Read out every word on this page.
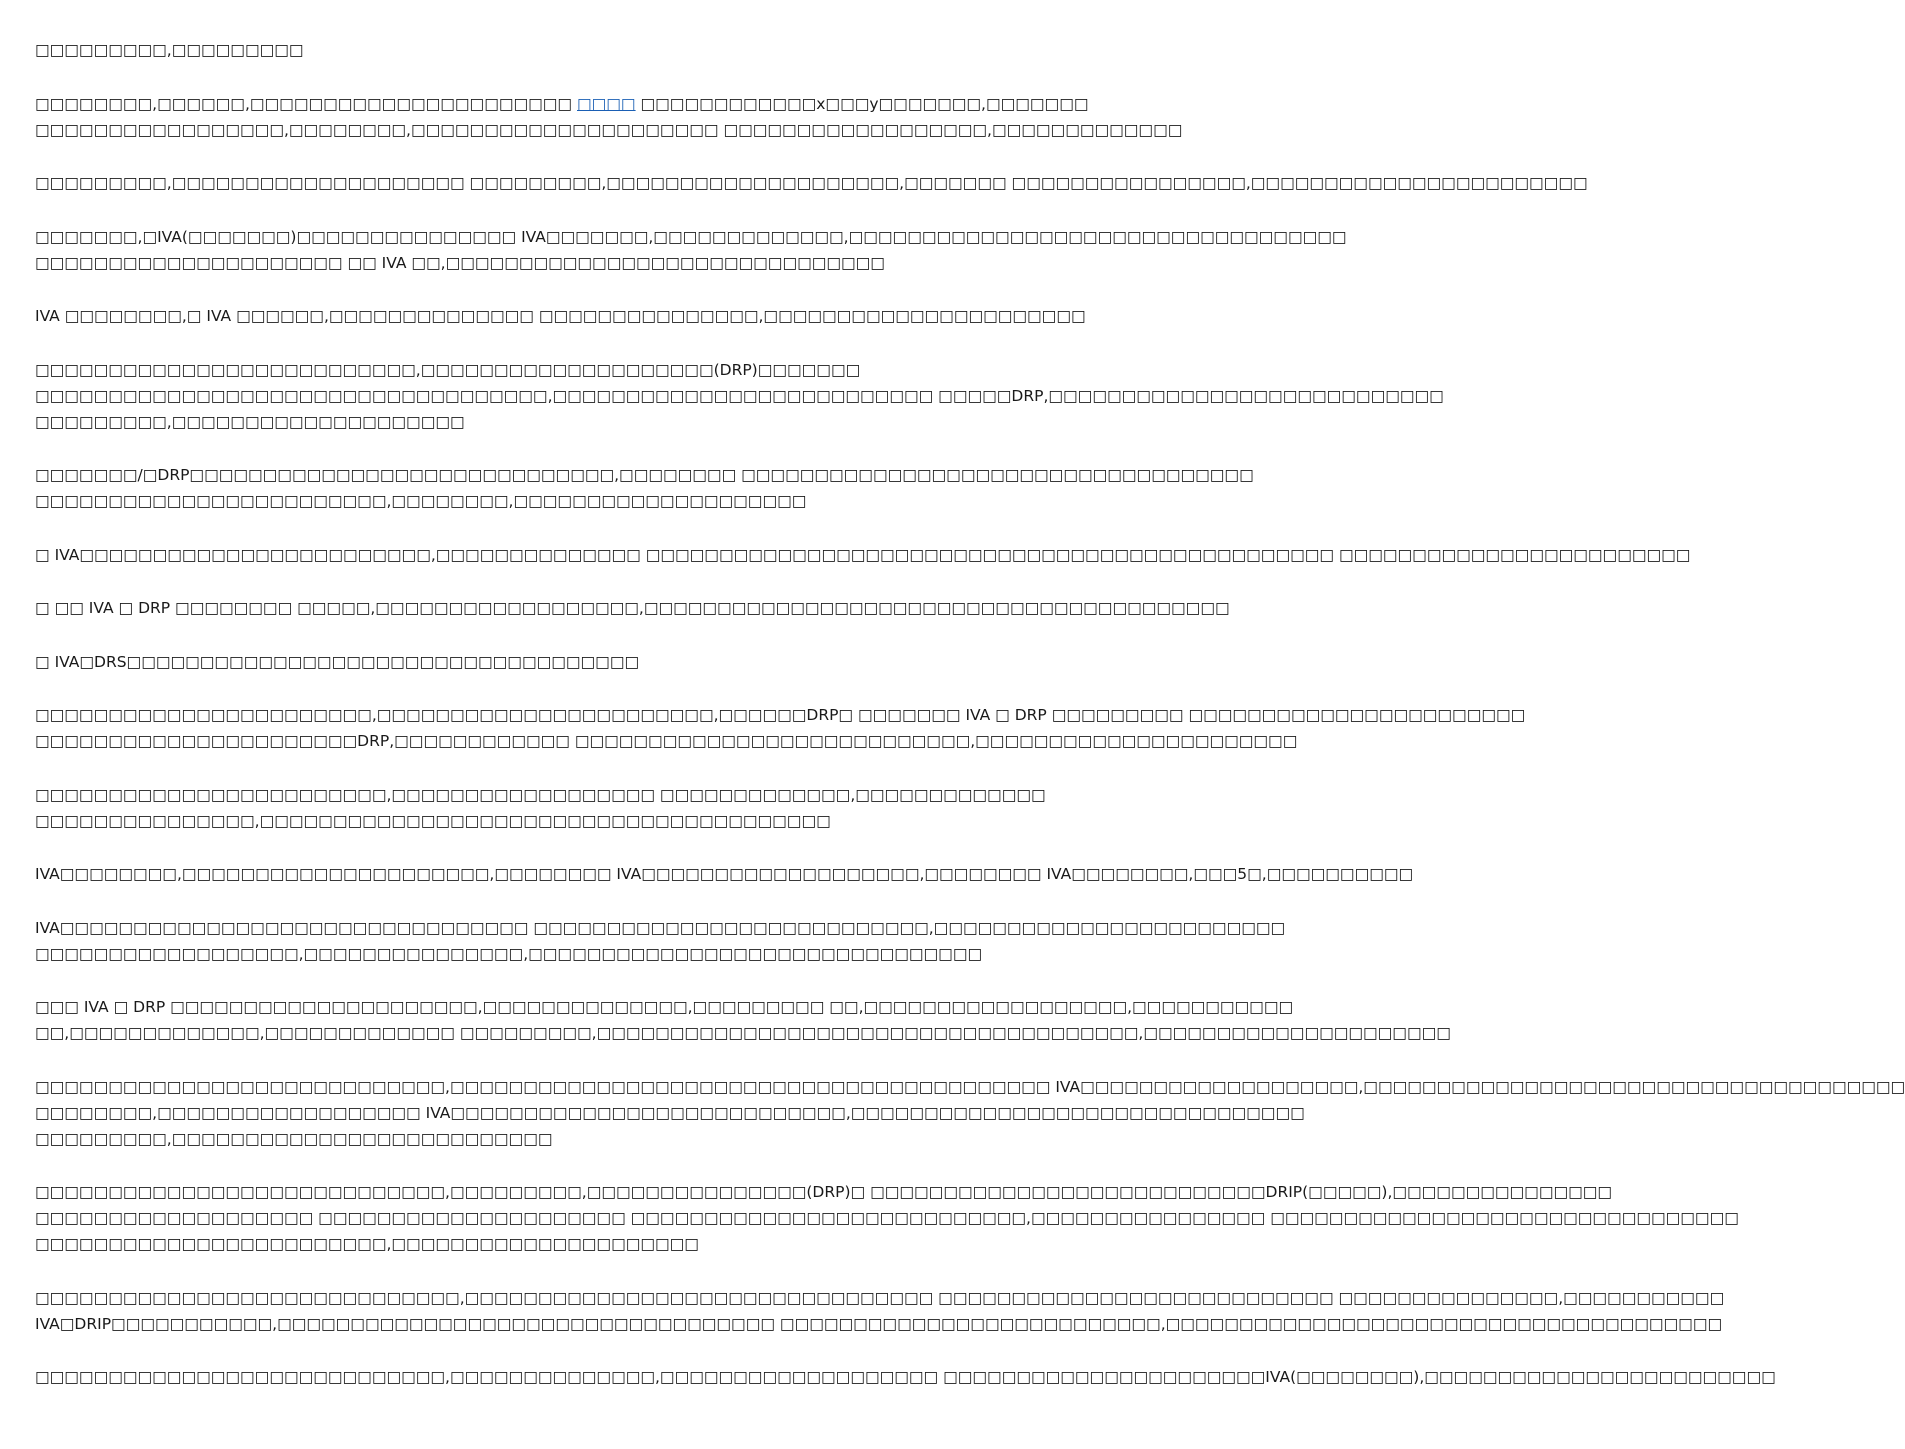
□□□□□□□□□,□□□□□□□□□

□□□□□□□□,□□□□□□,□□□□□□□□□□□□□□□□□□□□□□ □□□□ □□□□□□□□□□□□x□□□y□□□□□□□,□□□□□□□
□□□□□□□□□□□□□□□□□,□□□□□□□□,□□□□□□□□□□□□□□□□□□□□□ □□□□□□□□□□□□□□□□□□,□□□□□□□□□□□□□

□□□□□□□□□,□□□□□□□□□□□□□□□□□□□□ □□□□□□□□□,□□□□□□□□□□□□□□□□□□□□,□□□□□□□ □□□□□□□□□□□□□□□□,□□□□□□□□□□□□□□□□□□□□□□□

□□□□□□□,□IVA(□□□□□□□)□□□□□□□□□□□□□□□ IVA□□□□□□□,□□□□□□□□□□□□□,□□□□□□□□□□□□□□□□□□□□□□□□□□□□□□□□□□
□□□□□□□□□□□□□□□□□□□□□ □□ IVA □□,□□□□□□□□□□□□□□□□□□□□□□□□□□□□□□

IVA □□□□□□□□,□ IVA □□□□□□,□□□□□□□□□□□□□□ □□□□□□□□□□□□□□□,□□□□□□□□□□□□□□□□□□□□□□

□□□□□□□□□□□□□□□□□□□□□□□□□□,□□□□□□□□□□□□□□□□□□□□(DRP)□□□□□□□
□□□□□□□□□□□□□□□□□□□□□□□□□□□□□□□□□□□,□□□□□□□□□□□□□□□□□□□□□□□□□□ □□□□□DRP,□□□□□□□□□□□□□□□□□□□□□□□□□□□
□□□□□□□□□,□□□□□□□□□□□□□□□□□□□□

□□□□□□□/□DRP□□□□□□□□□□□□□□□□□□□□□□□□□□□□□,□□□□□□□□ □□□□□□□□□□□□□□□□□□□□□□□□□□□□□□□□□□□
□□□□□□□□□□□□□□□□□□□□□□□□,□□□□□□□□,□□□□□□□□□□□□□□□□□□□□

□ IVA□□□□□□□□□□□□□□□□□□□□□□□□,□□□□□□□□□□□□□□ □□□□□□□□□□□□□□□□□□□□□□□□□□□□□□□□□□□□□□□□□□□□□□□ □□□□□□□□□□□□□□□□□□□□□□□□

□ □□ IVA □ DRP □□□□□□□□ □□□□□,□□□□□□□□□□□□□□□□□□,□□□□□□□□□□□□□□□□□□□□□□□□□□□□□□□□□□□□□□□□

□ IVA□DRS□□□□□□□□□□□□□□□□□□□□□□□□□□□□□□□□□□□

□□□□□□□□□□□□□□□□□□□□□□□,□□□□□□□□□□□□□□□□□□□□□□□,□□□□□□DRP□ □□□□□□□ IVA □ DRP □□□□□□□□□ □□□□□□□□□□□□□□□□□□□□□□□
□□□□□□□□□□□□□□□□□□□□□□DRP,□□□□□□□□□□□□ □□□□□□□□□□□□□□□□□□□□□□□□□□□,□□□□□□□□□□□□□□□□□□□□□□

□□□□□□□□□□□□□□□□□□□□□□□□,□□□□□□□□□□□□□□□□□□ □□□□□□□□□□□□□,□□□□□□□□□□□□□
□□□□□□□□□□□□□□□,□□□□□□□□□□□□□□□□□□□□□□□□□□□□□□□□□□□□□□□

IVA□□□□□□□□,□□□□□□□□□□□□□□□□□□□□□,□□□□□□□□ IVA□□□□□□□□□□□□□□□□□□□,□□□□□□□□ IVA□□□□□□□□,□□□5□,□□□□□□□□□□

IVA□□□□□□□□□□□□□□□□□□□□□□□□□□□□□□□□ □□□□□□□□□□□□□□□□□□□□□□□□□□□,□□□□□□□□□□□□□□□□□□□□□□□□
□□□□□□□□□□□□□□□□□□,□□□□□□□□□□□□□□□,□□□□□□□□□□□□□□□□□□□□□□□□□□□□□□□

□□□ IVA □ DRP □□□□□□□□□□□□□□□□□□□□□,□□□□□□□□□□□□□□,□□□□□□□□□ □□,□□□□□□□□□□□□□□□□□□,□□□□□□□□□□□
□□,□□□□□□□□□□□□□,□□□□□□□□□□□□□ □□□□□□□□□,□□□□□□□□□□□□□□□□□□□□□□□□□□□□□□□□□□□□□,□□□□□□□□□□□□□□□□□□□□□

□□□□□□□□□□□□□□□□□□□□□□□□□□□□,□□□□□□□□□□□□□□□□□□□□□□□□□□□□□□□□□□□□□□□□□ IVA□□□□□□□□□□□□□□□□□□□,□□□□□□□□□□□□□□□□□□□□□□□□□□□□□□□□□□□□□
□□□□□□□□,□□□□□□□□□□□□□□□□□□ IVA□□□□□□□□□□□□□□□□□□□□□□□□□□□,□□□□□□□□□□□□□□□□□□□□□□□□□□□□□□□
□□□□□□□□□,□□□□□□□□□□□□□□□□□□□□□□□□□□

□□□□□□□□□□□□□□□□□□□□□□□□□□□□,□□□□□□□□□,□□□□□□□□□□□□□□□(DRP)□ □□□□□□□□□□□□□□□□□□□□□□□□□□□DRIP(□□□□□),□□□□□□□□□□□□□□□
□□□□□□□□□□□□□□□□□□□ □□□□□□□□□□□□□□□□□□□□□ □□□□□□□□□□□□□□□□□□□□□□□□□□□,□□□□□□□□□□□□□□□□ □□□□□□□□□□□□□□□□□□□□□□□□□□□□□□□□
□□□□□□□□□□□□□□□□□□□□□□□□,□□□□□□□□□□□□□□□□□□□□□

□□□□□□□□□□□□□□□□□□□□□□□□□□□□□,□□□□□□□□□□□□□□□□□□□□□□□□□□□□□□□□ □□□□□□□□□□□□□□□□□□□□□□□□□□□ □□□□□□□□□□□□□□□,□□□□□□□□□□□
IVA□DRIP□□□□□□□□□□□,□□□□□□□□□□□□□□□□□□□□□□□□□□□□□□□□□□ □□□□□□□□□□□□□□□□□□□□□□□□□□,□□□□□□□□□□□□□□□□□□□□□□□□□□□□□□□□□□□□□□

□□□□□□□□□□□□□□□□□□□□□□□□□□□□,□□□□□□□□□□□□□□,□□□□□□□□□□□□□□□□□□□ □□□□□□□□□□□□□□□□□□□□□□IVA(□□□□□□□□),□□□□□□□□□□□□□□□□□□□□□□□□
